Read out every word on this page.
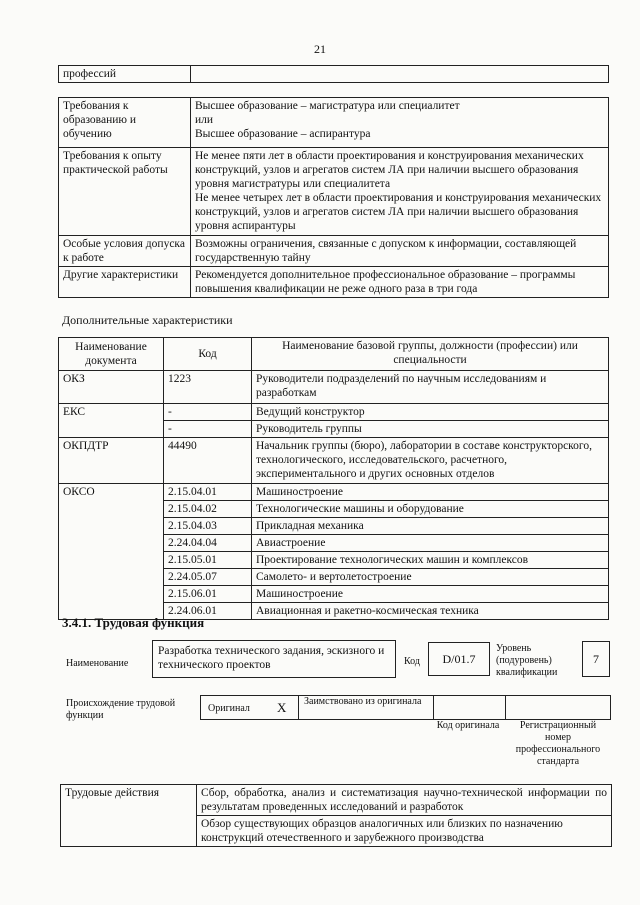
21
профессий	
Требования к образованию и обучению	Высшее образование – магистратура или специалитет
или
Высшее образование – аспирантура

Требования к опыту практической работы	Не менее пяти лет в области проектирования и конструирования механических конструкций, узлов и агрегатов систем ЛА при наличии высшего образования уровня магистратуры или специалитета
Не менее четырех лет в области проектирования и конструирования механических конструкций, узлов и агрегатов систем ЛА при наличии высшего образования уровня аспирантуры

Особые условия допуска к работе	Возможны ограничения, связанные с допуском к информации, составляющей государственную тайну
Другие характеристики	Рекомендуется дополнительное профессиональное образование – программы повышения квалификации не реже одного раза в три года
Дополнительные характеристики
Наименование документа	Код	Наименование базовой группы, должности (профессии) или специальности
ОКЗ	1223	Руководители подразделений по научным исследованиям и разработкам
ЕКС	-	Ведущий конструктор
	-	Руководитель группы
ОКПДТР	44490	Начальник группы (бюро), лаборатории в составе конструкторского, технологического, исследовательского, расчетного, экспериментального и других основных отделов
ОКСО	2.15.04.01	Машиностроение
	2.15.04.02	Технологические машины и оборудование
	2.15.04.03	Прикладная механика
	2.24.04.04	Авиастроение
	2.15.05.01	Проектирование технологических машин и комплексов
	2.24.05.07	Самолето- и вертолетостроение
	2.15.06.01	Машиностроение
	2.24.06.01	Авиационная и ракетно-космическая техника
3.4.1. Трудовая функция
Наименование
Разработка технического задания, эскизного и технического проектов	Код	D/01.7
Уровень (подуровень) квалификации
7
Происхождение трудовой функции
Оригинал X Заимствовано из оригинала
Код оригинала	Регистрационный номер профессионального стандарта
Трудовые действия	Сбор, обработка, анализ и систематизация научно-технической информации по результатам проведенных исследований и разработок
Обзор существующих образцов аналогичных или близких по назначению конструкций отечественного и зарубежного производства
